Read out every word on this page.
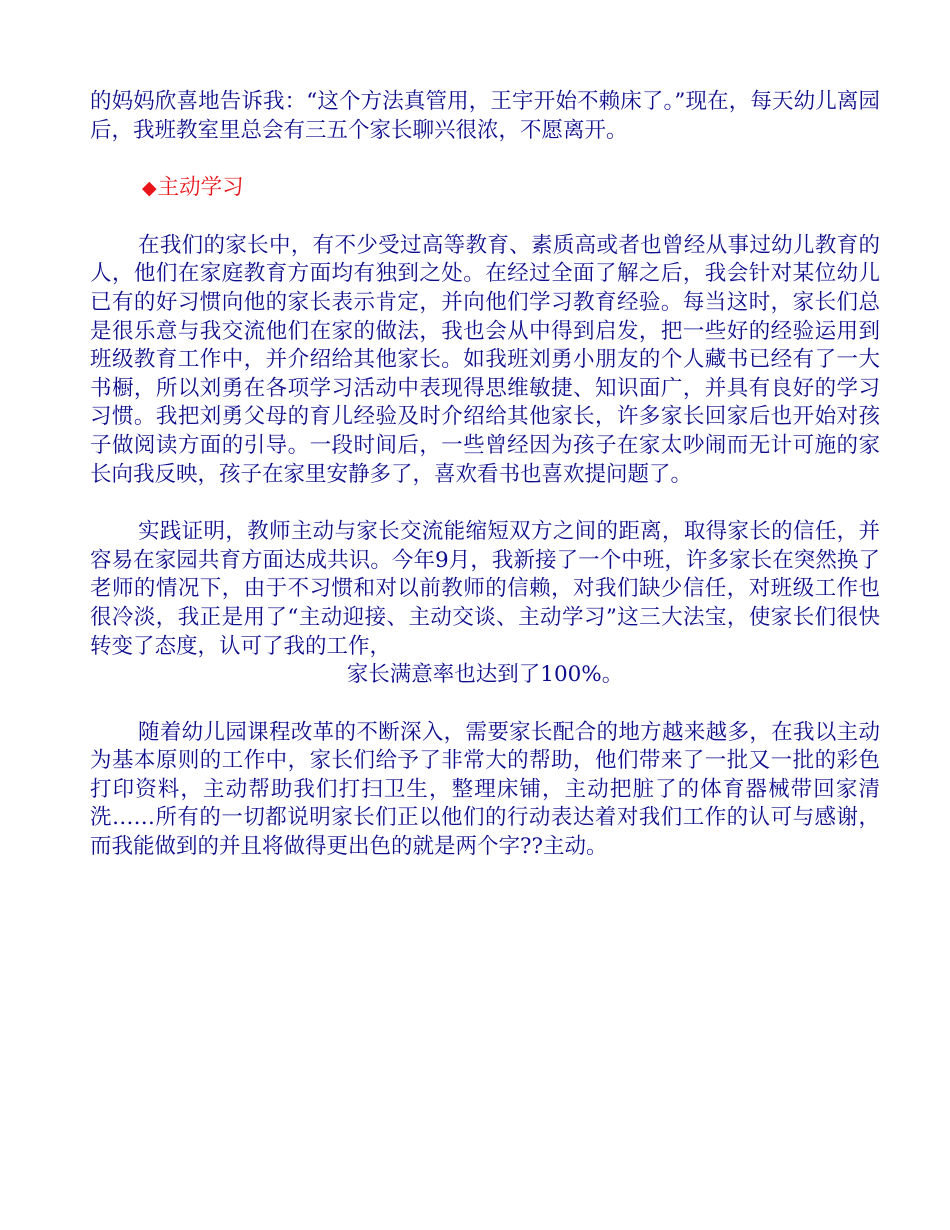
的妈妈欣喜地告诉我：“这个方法真管用，王宇开始不赖床了。”现在，每天幼儿离园后，我班教室里总会有三五个家长聊兴很浓，不愿离开。

◆主动学习

在我们的家长中，有不少受过高等教育、素质高或者也曾经从事过幼儿教育的人，他们在家庭教育方面均有独到之处。在经过全面了解之后，我会针对某位幼儿已有的好习惯向他的家长表示肯定，并向他们学习教育经验。每当这时，家长们总是很乐意与我交流他们在家的做法，我也会从中得到启发，把一些好的经验运用到班级教育工作中，并介绍给其他家长。如我班刘勇小朋友的个人藏书已经有了一大书橱，所以刘勇在各项学习活动中表现得思维敏捷、知识面广，并具有良好的学习习惯。我把刘勇父母的育儿经验及时介绍给其他家长，许多家长回家后也开始对孩子做阅读方面的引导。一段时间后，一些曾经因为孩子在家太吵闹而无计可施的家长向我反映，孩子在家里安静多了，喜欢看书也喜欢提问题了。

实践证明，教师主动与家长交流能缩短双方之间的距离，取得家长的信任，并容易在家园共育方面达成共识。今年9月，我新接了一个中班，许多家长在突然换了老师的情况下，由于不习惯和对以前教师的信赖，对我们缺少信任，对班级工作也很冷淡，我正是用了“主动迎接、主动交谈、主动学习”这三大法宝，使家长们很快转变了态度，认可了我的工作，

家长满意率也达到了100%。

随着幼儿园课程改革的不断深入，需要家长配合的地方越来越多，在我以主动为基本原则的工作中，家长们给予了非常大的帮助，他们带来了一批又一批的彩色打印资料，主动帮助我们打扫卫生，整理床铺，主动把脏了的体育器械带回家清洗……所有的一切都说明家长们正以他们的行动表达着对我们工作的认可与感谢，而我能做到的并且将做得更出色的就是两个字??主动。
